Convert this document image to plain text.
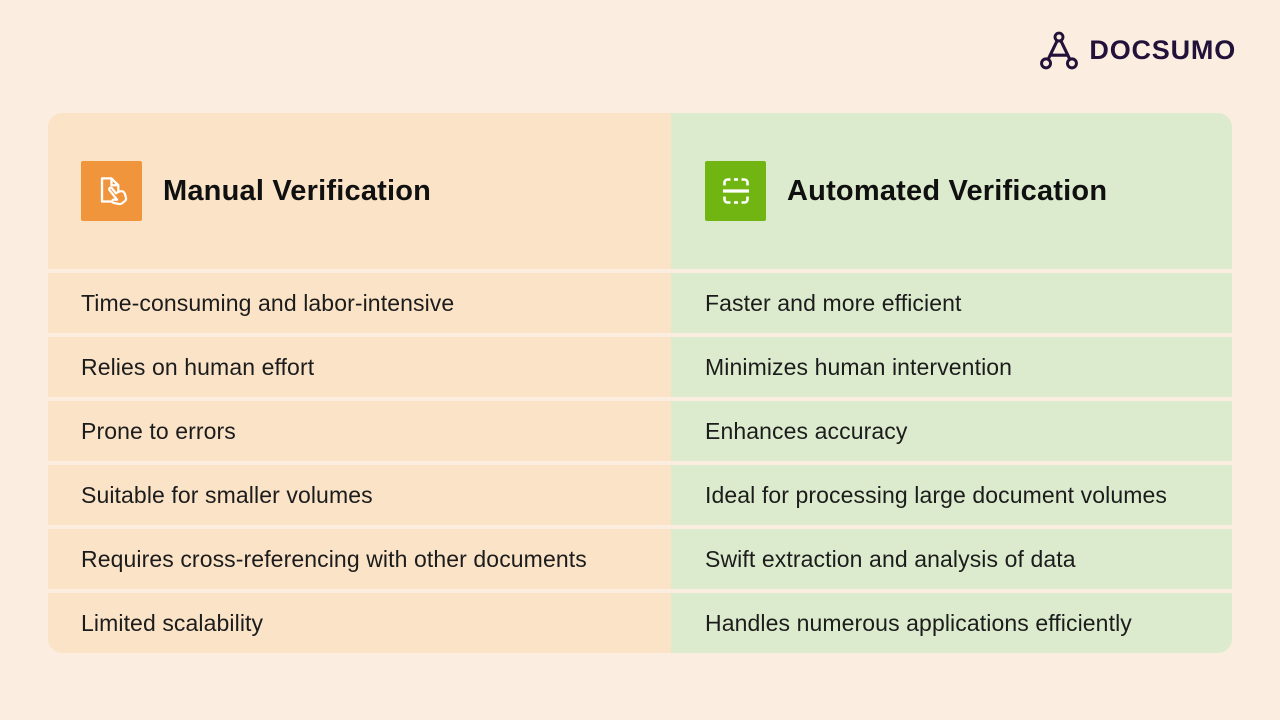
DOCSUMO
Manual Verification	Automated Verification
Time-consuming and labor-intensive	Faster and more efficient
Relies on human effort	Minimizes human intervention
Prone to errors	Enhances accuracy
Suitable for smaller volumes	Ideal for processing large document volumes
Requires cross-referencing with other documents	Swift extraction and analysis of data
Limited scalability	Handles numerous applications efficiently
